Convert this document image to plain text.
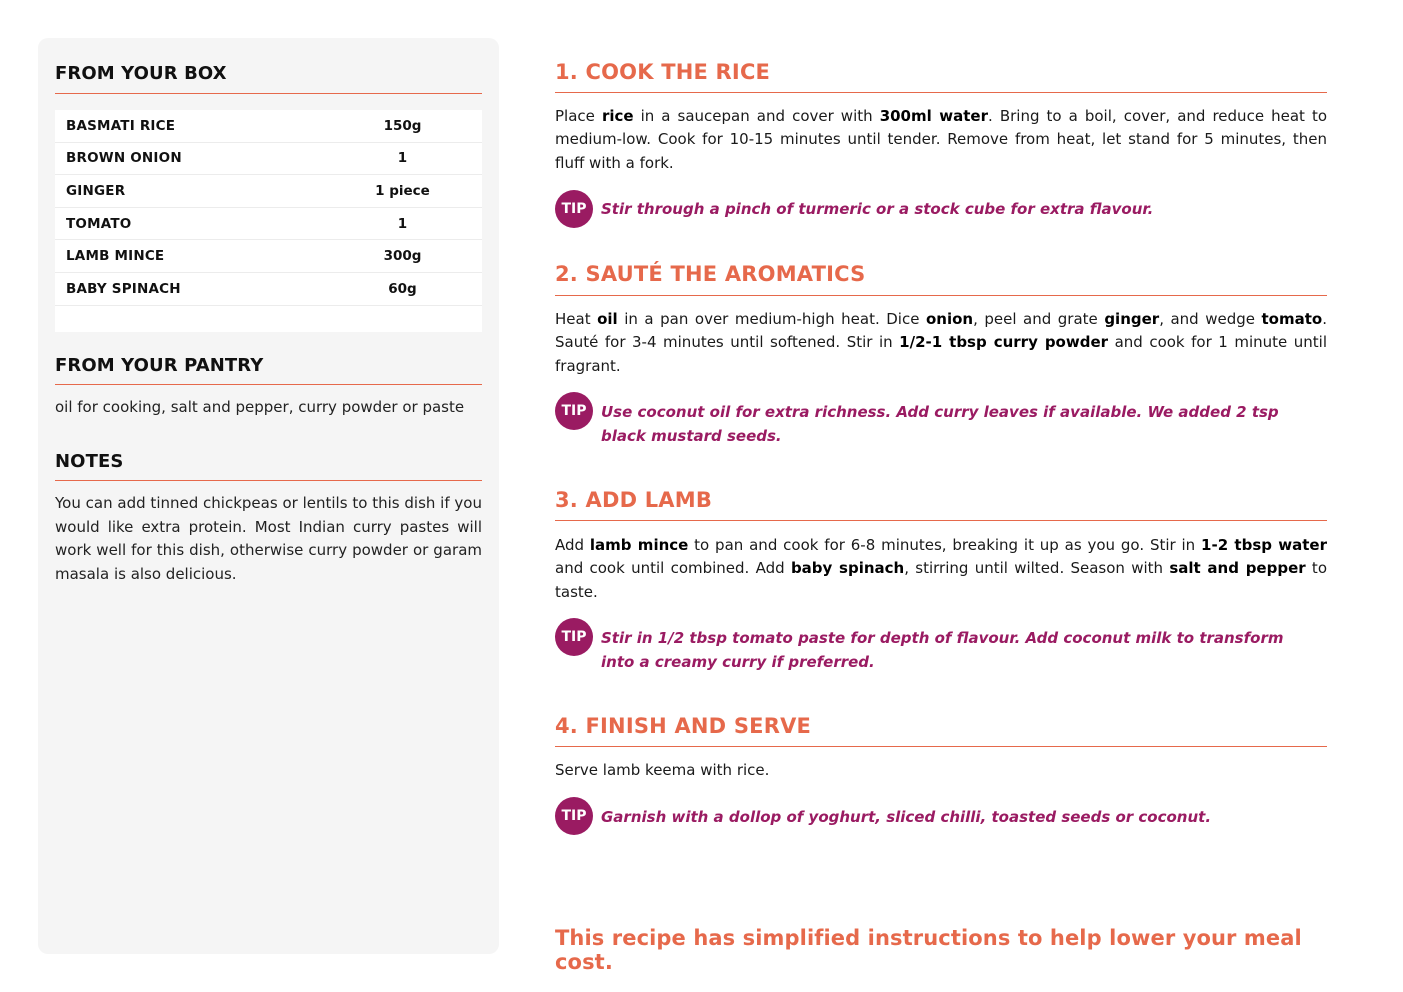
FROM YOUR BOX
BASMATI RICE	150g
BROWN ONION	1
GINGER	1 piece
TOMATO	1
LAMB MINCE	300g
BABY SPINACH	60g
FROM YOUR PANTRY

oil for cooking, salt and pepper, curry powder or paste

NOTES

You can add tinned chickpeas or lentils to this dish if you would like extra protein. Most Indian curry pastes will work well for this dish, otherwise curry powder or garam masala is also delicious.

1. COOK THE RICE

Place rice in a saucepan and cover with 300ml water. Bring to a boil, cover, and reduce heat to medium-low. Cook for 10-15 minutes until tender. Remove from heat, let stand for 5 minutes, then fluff with a fork.

TIP Stir through a pinch of turmeric or a stock cube for extra flavour.

2. SAUTÉ THE AROMATICS

Heat oil in a pan over medium-high heat. Dice onion, peel and grate ginger, and wedge tomato. Sauté for 3-4 minutes until softened. Stir in 1/2-1 tbsp curry powder and cook for 1 minute until fragrant.

TIP Use coconut oil for extra richness. Add curry leaves if available. We added 2 tsp black mustard seeds.

3. ADD LAMB

Add lamb mince to pan and cook for 6-8 minutes, breaking it up as you go. Stir in 1-2 tbsp water and cook until combined. Add baby spinach, stirring until wilted. Season with salt and pepper to taste.

TIP Stir in 1/2 tbsp tomato paste for depth of flavour. Add coconut milk to transform into a creamy curry if preferred.

4. FINISH AND SERVE

Serve lamb keema with rice.

TIP Garnish with a dollop of yoghurt, sliced chilli, toasted seeds or coconut.

This recipe has simplified instructions to help lower your meal cost.
